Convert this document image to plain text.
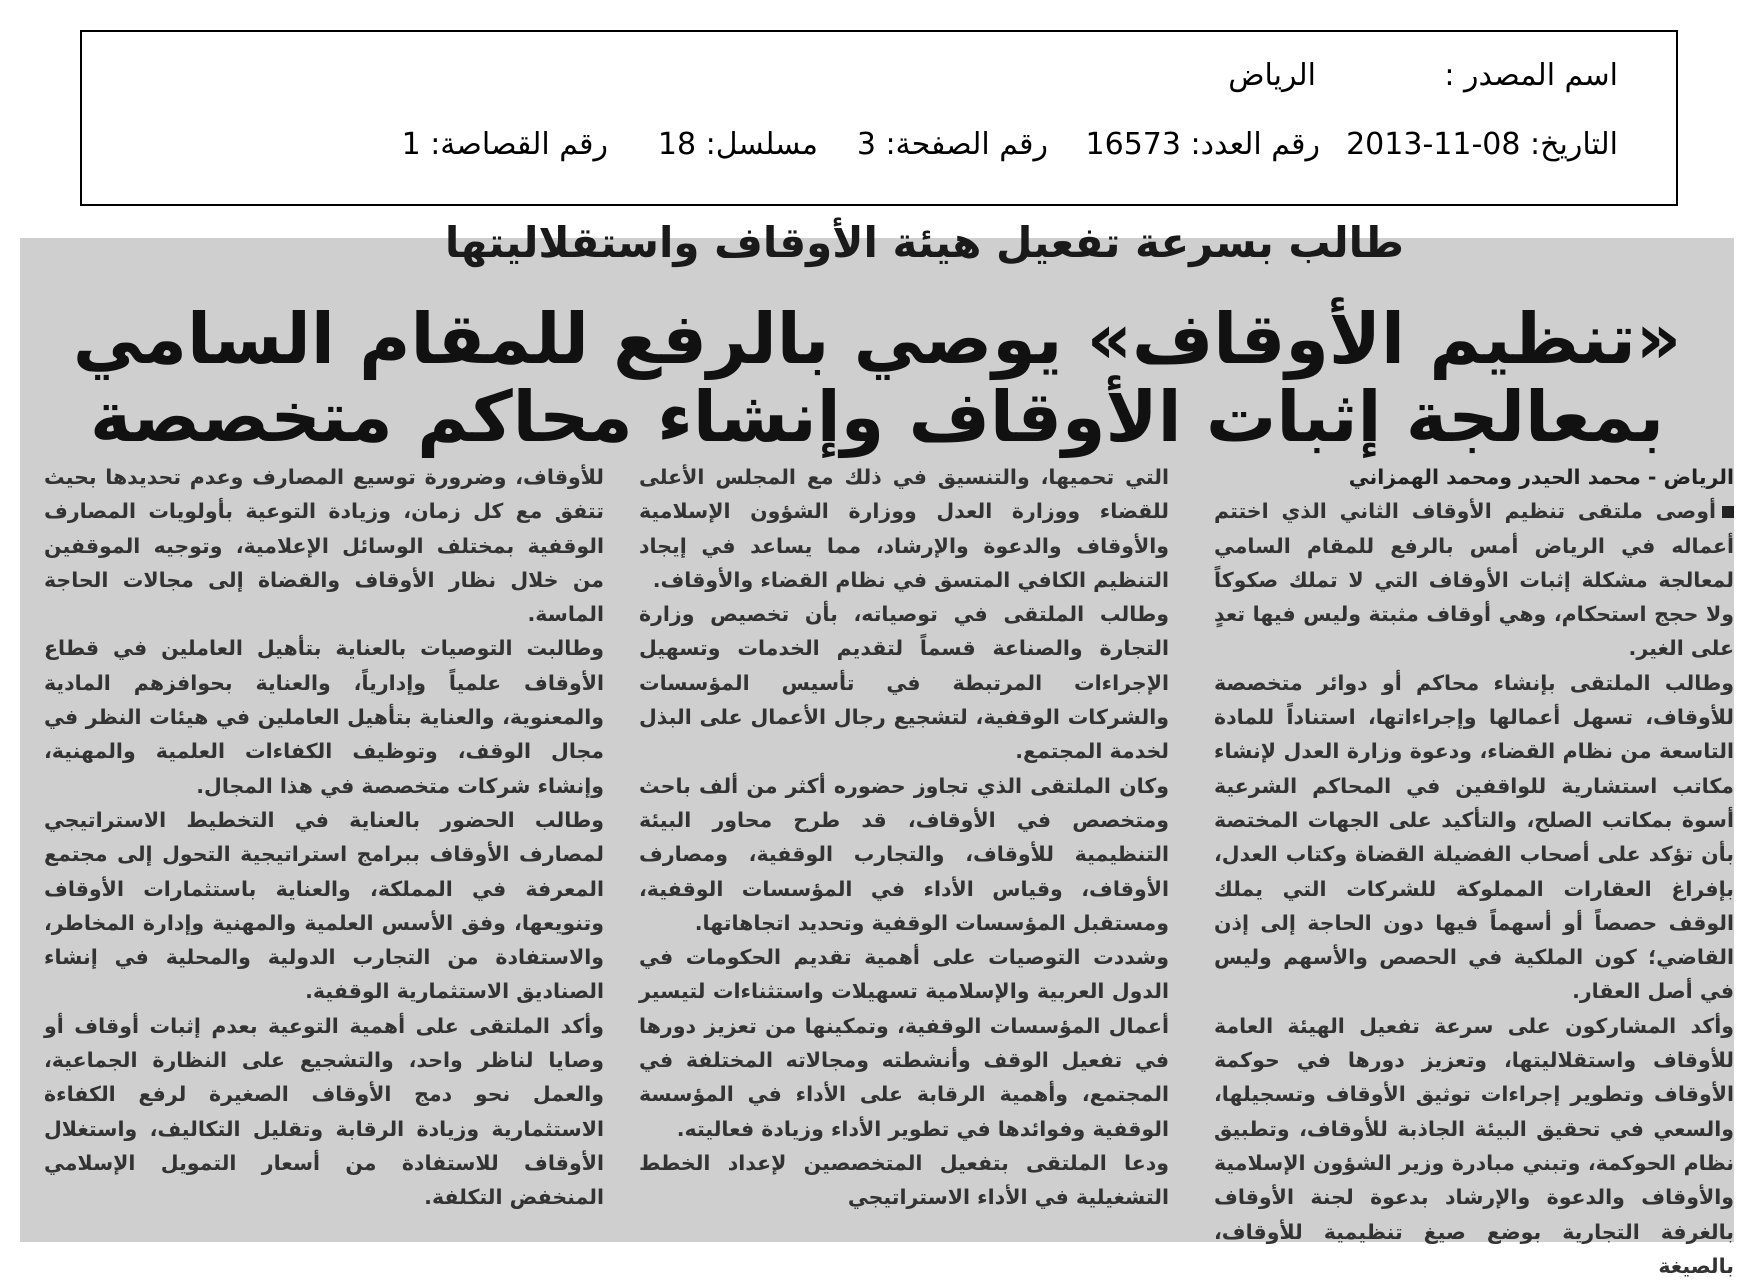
اسم المصدر :
الرياض
التاريخ: 08-11-2013
رقم العدد: 16573
رقم الصفحة: 3
مسلسل: 18
رقم القصاصة: 1
طالب بسرعة تفعيل هيئة الأوقاف واستقلاليتها
«تنظيم الأوقاف» يوصي بالرفع للمقام السامي
بمعالجة إثبات الأوقاف وإنشاء محاكم متخصصة

الرياض - محمد الحيدر ومحمد الهمزاني

أوصى ملتقى تنظيم الأوقاف الثاني الذي اختتم أعماله في الرياض أمس بالرفع للمقام السامي لمعالجة مشكلة إثبات الأوقاف التي لا تملك صكوكاً ولا حجج استحكام، وهي أوقاف مثبتة وليس فيها تعدٍ على الغير.

وطالب الملتقى بإنشاء محاكم أو دوائر متخصصة للأوقاف، تسهل أعمالها وإجراءاتها، استناداً للمادة التاسعة من نظام القضاء، ودعوة وزارة العدل لإنشاء مكاتب استشارية للواقفين في المحاكم الشرعية أسوة بمكاتب الصلح، والتأكيد على الجهات المختصة بأن تؤكد على أصحاب الفضيلة القضاة وكتاب العدل، بإفراغ العقارات المملوكة للشركات التي يملك الوقف حصصاً أو أسهماً فيها دون الحاجة إلى إذن القاضي؛ كون الملكية في الحصص والأسهم وليس في أصل العقار.

وأكد المشاركون على سرعة تفعيل الهيئة العامة للأوقاف واستقلاليتها، وتعزيز دورها في حوكمة الأوقاف وتطوير إجراءات توثيق الأوقاف وتسجيلها، والسعي في تحقيق البيئة الجاذبة للأوقاف، وتطبيق نظام الحوكمة، وتبني مبادرة وزير الشؤون الإسلامية والأوقاف والدعوة والإرشاد بدعوة لجنة الأوقاف بالغرفة التجارية بوضع صيغ تنظيمية للأوقاف، بالصيغة

التي تحميها، والتنسيق في ذلك مع المجلس الأعلى للقضاء ووزارة العدل ووزارة الشؤون الإسلامية والأوقاف والدعوة والإرشاد، مما يساعد في إيجاد التنظيم الكافي المتسق في نظام القضاء والأوقاف.

وطالب الملتقى في توصياته، بأن تخصيص وزارة التجارة والصناعة قسماً لتقديم الخدمات وتسهيل الإجراءات المرتبطة في تأسيس المؤسسات والشركات الوقفية، لتشجيع رجال الأعمال على البذل لخدمة المجتمع.

وكان الملتقى الذي تجاوز حضوره أكثر من ألف باحث ومتخصص في الأوقاف، قد طرح محاور البيئة التنظيمية للأوقاف، والتجارب الوقفية، ومصارف الأوقاف، وقياس الأداء في المؤسسات الوقفية، ومستقبل المؤسسات الوقفية وتحديد اتجاهاتها.

وشددت التوصيات على أهمية تقديم الحكومات في الدول العربية والإسلامية تسهيلات واستثناءات لتيسير أعمال المؤسسات الوقفية، وتمكينها من تعزيز دورها في تفعيل الوقف وأنشطته ومجالاته المختلفة في المجتمع، وأهمية الرقابة على الأداء في المؤسسة الوقفية وفوائدها في تطوير الأداء وزيادة فعاليته.

ودعا الملتقى بتفعيل المتخصصين لإعداد الخطط التشغيلية في الأداء الاستراتيجي

للأوقاف، وضرورة توسيع المصارف وعدم تحديدها بحيث تتفق مع كل زمان، وزيادة التوعية بأولويات المصارف الوقفية بمختلف الوسائل الإعلامية، وتوجيه الموقفين من خلال نظار الأوقاف والقضاة إلى مجالات الحاجة الماسة.

وطالبت التوصيات بالعناية بتأهيل العاملين في قطاع الأوقاف علمياً وإدارياً، والعناية بحوافزهم المادية والمعنوية، والعناية بتأهيل العاملين في هيئات النظر في مجال الوقف، وتوظيف الكفاءات العلمية والمهنية، وإنشاء شركات متخصصة في هذا المجال.

وطالب الحضور بالعناية في التخطيط الاستراتيجي لمصارف الأوقاف ببرامج استراتيجية التحول إلى مجتمع المعرفة في المملكة، والعناية باستثمارات الأوقاف وتنويعها، وفق الأسس العلمية والمهنية وإدارة المخاطر، والاستفادة من التجارب الدولية والمحلية في إنشاء الصناديق الاستثمارية الوقفية.

وأكد الملتقى على أهمية التوعية بعدم إثبات أوقاف أو وصايا لناظر واحد، والتشجيع على النظارة الجماعية، والعمل نحو دمج الأوقاف الصغيرة لرفع الكفاءة الاستثمارية وزيادة الرقابة وتقليل التكاليف، واستغلال الأوقاف للاستفادة من أسعار التمويل الإسلامي المنخفض التكلفة.
